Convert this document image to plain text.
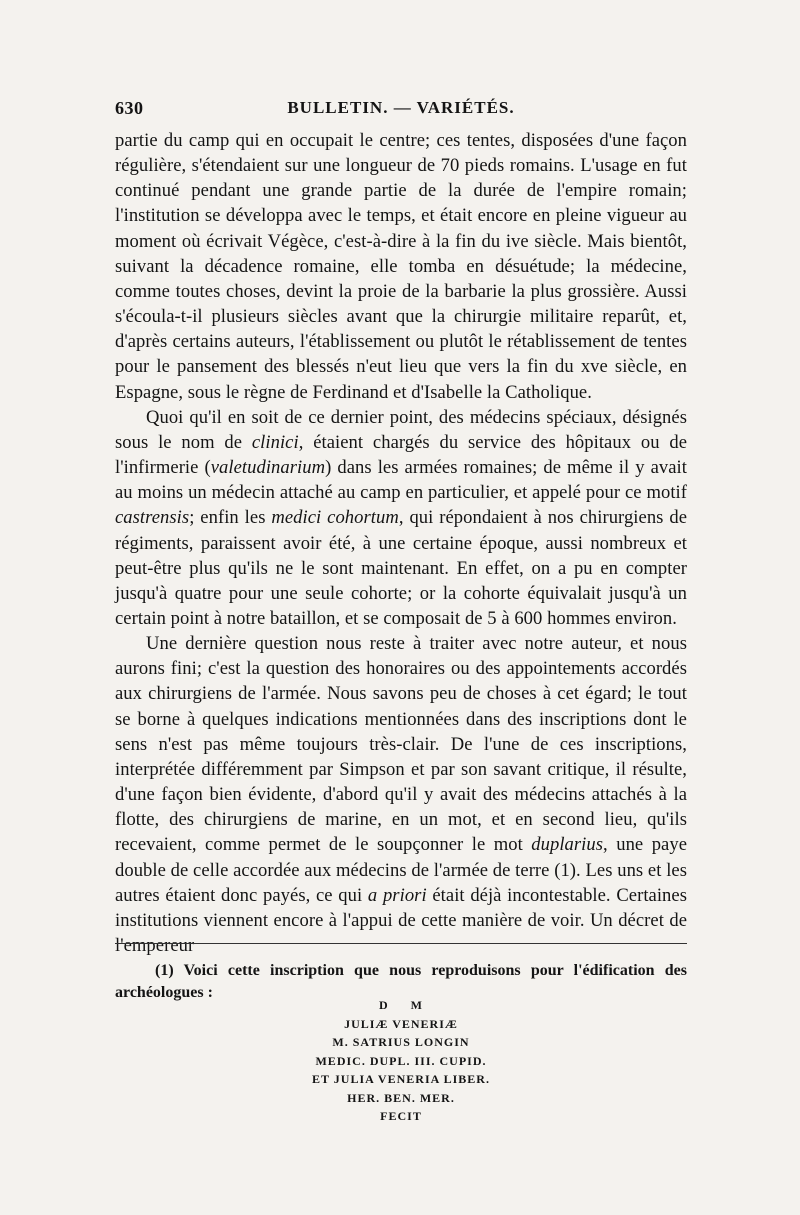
630	BULLETIN. — VARIÉTÉS.

partie du camp qui en occupait le centre; ces tentes, disposées d'une façon régulière, s'étendaient sur une longueur de 70 pieds romains. L'usage en fut continué pendant une grande partie de la durée de l'empire romain; l'institution se développa avec le temps, et était encore en pleine vigueur au moment où écrivait Végèce, c'est-à-dire à la fin du ive siècle. Mais bientôt, suivant la décadence romaine, elle tomba en désuétude; la médecine, comme toutes choses, devint la proie de la barbarie la plus grossière. Aussi s'écoula-t-il plusieurs siècles avant que la chirurgie militaire reparût, et, d'après certains auteurs, l'établissement ou plutôt le rétablissement de tentes pour le pansement des blessés n'eut lieu que vers la fin du xve siècle, en Espagne, sous le règne de Ferdinand et d'Isabelle la Catholique.

Quoi qu'il en soit de ce dernier point, des médecins spéciaux, désignés sous le nom de clinici, étaient chargés du service des hôpitaux ou de l'infirmerie (valetudinarium) dans les armées romaines; de même il y avait au moins un médecin attaché au camp en particulier, et appelé pour ce motif castrensis; enfin les medici cohortum, qui répondaient à nos chirurgiens de régiments, paraissent avoir été, à une certaine époque, aussi nombreux et peut-être plus qu'ils ne le sont maintenant. En effet, on a pu en compter jusqu'à quatre pour une seule cohorte; or la cohorte équivalait jusqu'à un certain point à notre bataillon, et se composait de 5 à 600 hommes environ.

Une dernière question nous reste à traiter avec notre auteur, et nous aurons fini; c'est la question des honoraires ou des appointements accordés aux chirurgiens de l'armée. Nous savons peu de choses à cet égard; le tout se borne à quelques indications mentionnées dans des inscriptions dont le sens n'est pas même toujours très-clair. De l'une de ces inscriptions, interprétée différemment par Simpson et par son savant critique, il résulte, d'une façon bien évidente, d'abord qu'il y avait des médecins attachés à la flotte, des chirurgiens de marine, en un mot, et en second lieu, qu'ils recevaient, comme permet de le soupçonner le mot duplarius, une paye double de celle accordée aux médecins de l'armée de terre (1). Les uns et les autres étaient donc payés, ce qui a priori était déjà incontestable. Certaines institutions viennent encore à l'appui de cette manière de voir. Un décret de l'empereur

(1) Voici cette inscription que nous reproduisons pour l'édification des archéologues :

D M

JULIÆ VENERIÆ

M. SATRIUS LONGIN

MEDIC. DUPL. III. CUPID.

ET JULIA VENERIA LIBER.

HER. BEN. MER.

FECIT
